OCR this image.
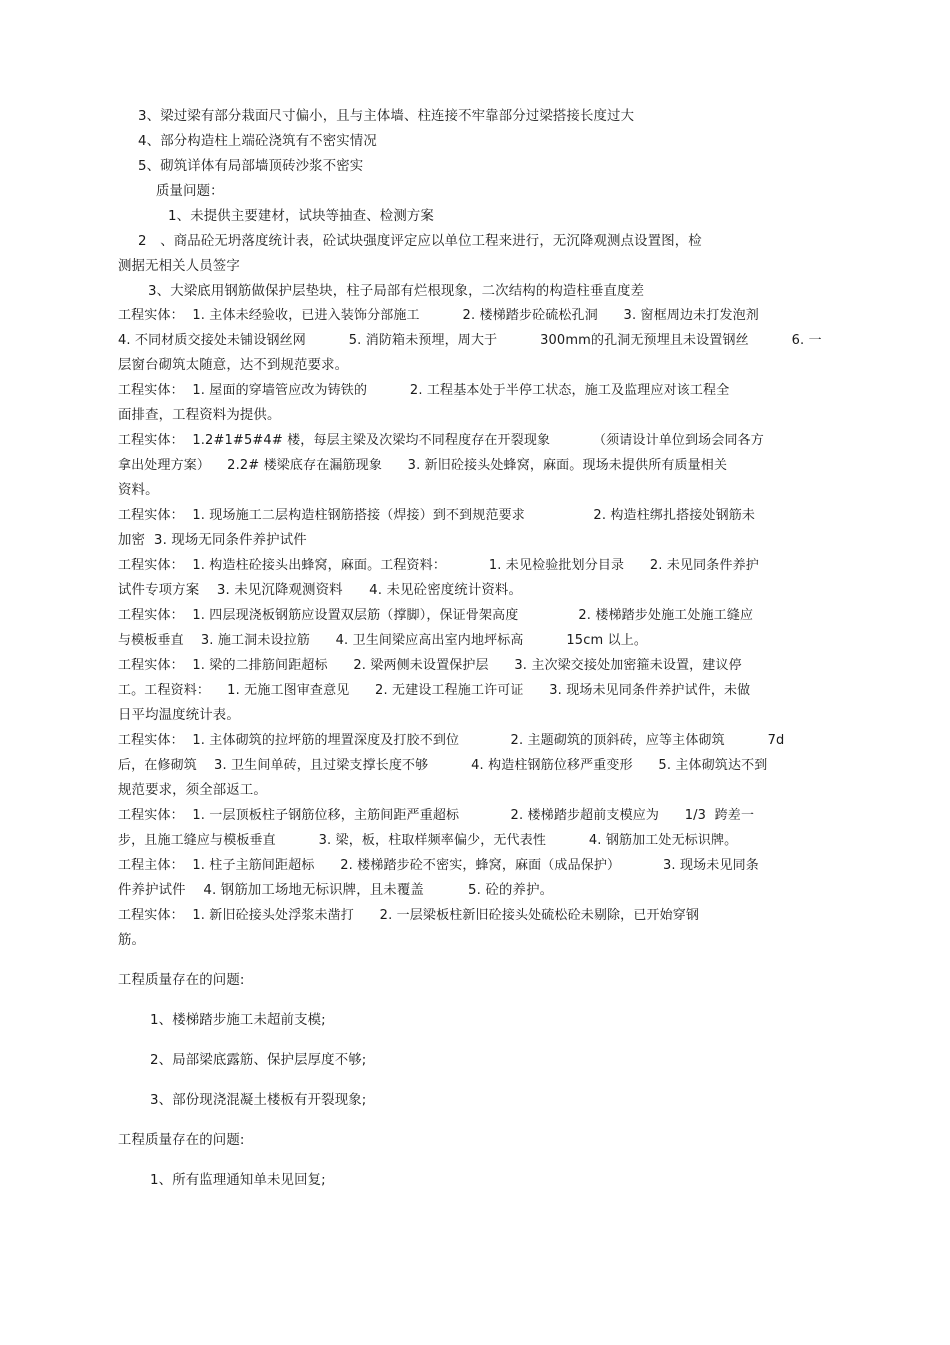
3、梁过梁有部分栽面尺寸偏小，且与主体墙、柱连接不牢靠部分过梁搭接长度过大
4、部分构造柱上端砼浇筑有不密实情况
5、砌筑详体有局部墙顶砖沙浆不密实
质量问题：
1、未提供主要建材，试块等抽查、检测方案
2　、商品砼无坍落度统计表，砼试块强度评定应以单位工程来进行，无沉降观测点设置图，检
测据无相关人员签字
3、大梁底用钢筋做保护层垫块，柱子局部有烂根现象，二次结构的构造柱垂直度差
工程实体：  1. 主体未经验收，已进入装饰分部施工          2. 楼梯踏步砼硫松孔洞      3. 窗框周边未打发泡剂
4. 不同材质交接处未铺设钢丝网          5. 消防箱未预埋，周大于          300mm的孔洞无预埋且未设置钢丝          6. 一
层窗台砌筑太随意，达不到规范要求。
工程实体：  1. 屋面的穿墙管应改为铸铁的          2. 工程基本处于半停工状态，施工及监理应对该工程全
面排查，工程资料为提供。
工程实体：  1.2#1#5#4# 楼，每层主梁及次梁均不同程度存在开裂现象          （须请设计单位到场会同各方
拿出处理方案）    2.2# 楼梁底存在漏筋现象      3. 新旧砼接头处蜂窝，麻面。现场未提供所有质量相关
资料。
工程实体：  1. 现场施工二层构造柱钢筋搭接（焊接）到不到规范要求                2. 构造柱绑扎搭接处钢筋未
加密  3. 现场无同条件养护试件
工程实体：  1. 构造柱砼接头出蜂窝，麻面。工程资料：          1. 未见检验批划分目录      2. 未见同条件养护
试件专项方案    3. 未见沉降观测资料      4. 未见砼密度统计资料。
工程实体：  1. 四层现浇板钢筋应设置双层筋（撑脚），保证骨架高度              2. 楼梯踏步处施工处施工缝应
与模板垂直    3. 施工洞未设拉筋      4. 卫生间梁应高出室内地坪标高          15cm 以上。
工程实体：  1. 梁的二排筋间距超标      2. 梁两侧未设置保护层      3. 主次梁交接处加密箍未设置，建议停
工。工程资料：    1. 无施工图审查意见      2. 无建设工程施工许可证      3. 现场未见同条件养护试件，未做
日平均温度统计表。
工程实体：  1. 主体砌筑的拉坪筋的埋置深度及打胶不到位            2. 主题砌筑的顶斜砖，应等主体砌筑          7d
后，在修砌筑    3. 卫生间单砖，且过梁支撑长度不够          4. 构造柱钢筋位移严重变形      5. 主体砌筑达不到
规范要求，须全部返工。
工程实体：  1. 一层顶板柱子钢筋位移，主筋间距严重超标            2. 楼梯踏步超前支模应为      1/3  跨差一
步，且施工缝应与模板垂直          3. 梁，板，柱取样频率偏少，无代表性          4. 钢筋加工处无标识牌。
工程主体：  1. 柱子主筋间距超标      2. 楼梯踏步砼不密实，蜂窝，麻面（成品保护）          3. 现场未见同条
件养护试件    4. 钢筋加工场地无标识牌，且未覆盖          5. 砼的养护。
工程实体：  1. 新旧砼接头处浮浆未凿打      2. 一层梁板柱新旧砼接头处硫松砼未剔除，已开始穿钢
筋。
工程质量存在的问题:
1、楼梯踏步施工未超前支模;
2、局部梁底露筋、保护层厚度不够;
3、部份现浇混凝土楼板有开裂现象;
工程质量存在的问题:
1、所有监理通知单未见回复;
